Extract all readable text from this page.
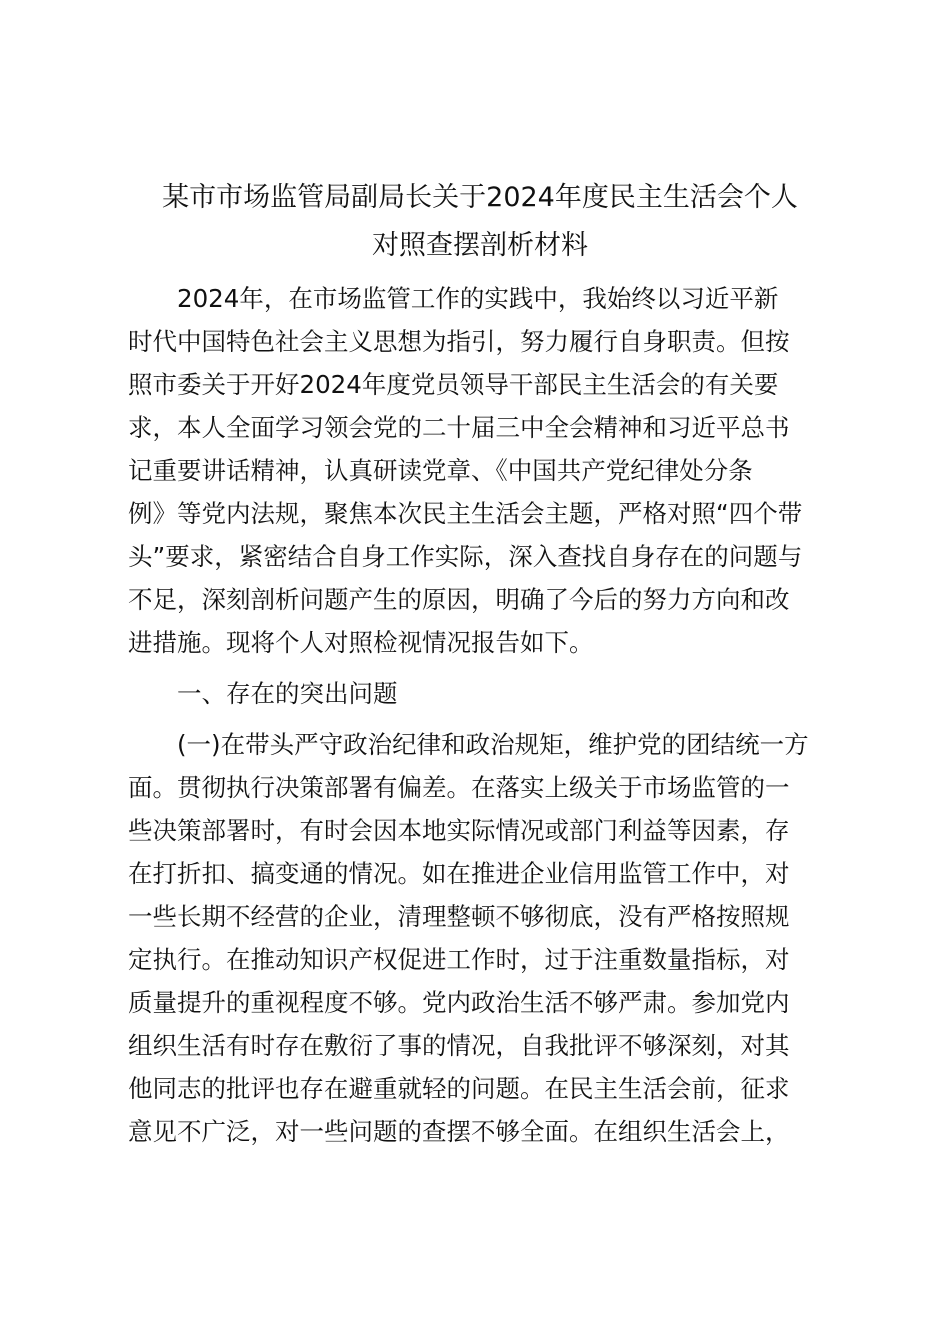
某市市场监管局副局长关于2024年度民主生活会个人
对照查摆剖析材料

2024年，在市场监管工作的实践中，我始终以习近平新

时代中国特色社会主义思想为指引，努力履行自身职责。但按

照市委关于开好2024年度党员领导干部民主生活会的有关要

求，本人全面学习领会党的二十届三中全会精神和习近平总书

记重要讲话精神，认真研读党章、《中国共产党纪律处分条

例》等党内法规，聚焦本次民主生活会主题，严格对照“四个带

头”要求，紧密结合自身工作实际，深入查找自身存在的问题与

不足，深刻剖析问题产生的原因，明确了今后的努力方向和改

进措施。现将个人对照检视情况报告如下。

一、存在的突出问题

(一)在带头严守政治纪律和政治规矩，维护党的团结统一方

面。贯彻执行决策部署有偏差。在落实上级关于市场监管的一

些决策部署时，有时会因本地实际情况或部门利益等因素，存

在打折扣、搞变通的情况。如在推进企业信用监管工作中，对

一些长期不经营的企业，清理整顿不够彻底，没有严格按照规

定执行。在推动知识产权促进工作时，过于注重数量指标，对

质量提升的重视程度不够。党内政治生活不够严肃。参加党内

组织生活有时存在敷衍了事的情况，自我批评不够深刻，对其

他同志的批评也存在避重就轻的问题。在民主生活会前，征求

意见不广泛，对一些问题的查摆不够全面。在组织生活会上，
